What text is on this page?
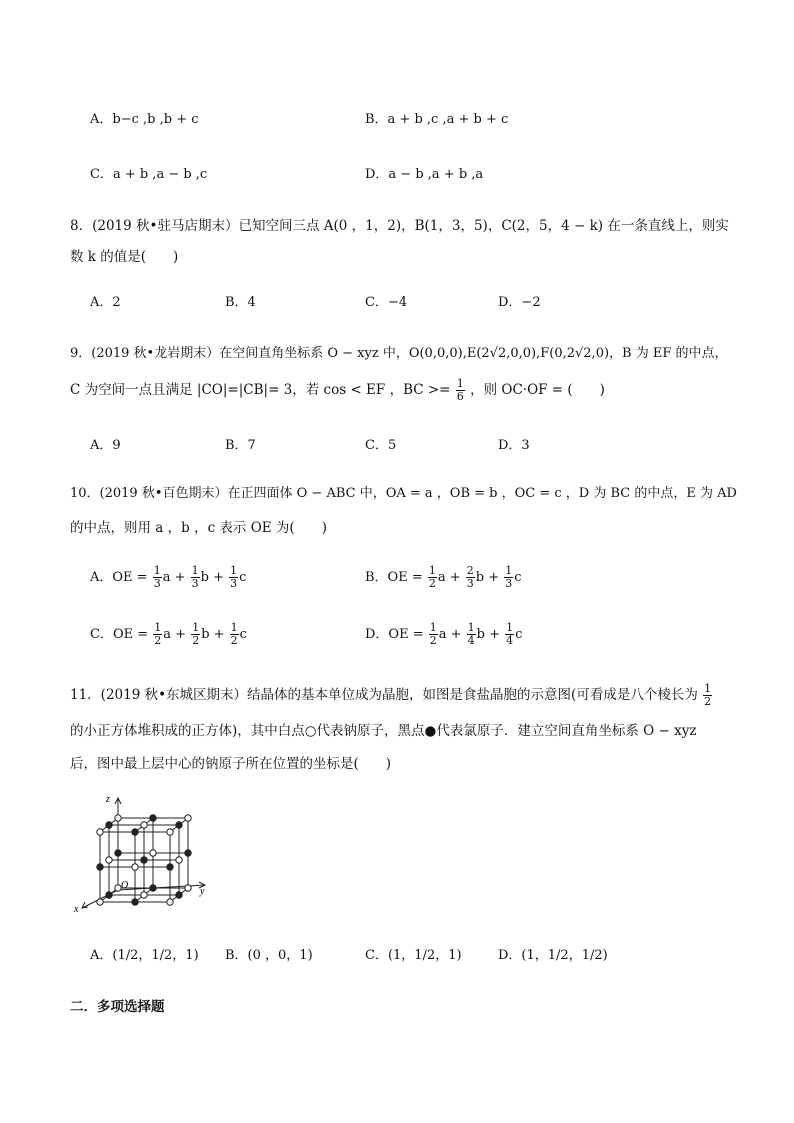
A．b−c ,b ,b + c	B．a + b ,c ,a + b + c
C．a + b ,a − b ,c	D．a − b ,a + b ,a
8．(2019 秋•驻马店期末）已知空间三点 A(0 ，1，2)，B(1，3，5)，C(2，5，4 − k) 在一条直线上，则实
数 k 的值是(　　)
A．2	B．4	C．−4	D．−2
9．(2019 秋•龙岩期末）在空间直角坐标系 O − xyz 中，O(0,0,0),E(2√2,0,0),F(0,2√2,0)，B 为 EF 的中点，
C 为空间一点且满足 |CO|=|CB|= 3，若 cos < EF ，BC >= $\frac{1}{6}$ ，则 OC·OF = (　　)
A．9	B．7	C．5	D．3
10．(2019 秋•百色期末）在正四面体 O − ABC 中，OA = a ，OB = b ，OC = c ，D 为 BC 的中点，E 为 AD
的中点，则用 a ，b ，c 表示 OE 为(　　)
A．OE = $\frac{1}{3}$ $a + \frac{1}{3}$ $b + \frac{1}{3}$ c	B．OE = $\frac{1}{2}$ $a + \frac{2}{3}$ $b + \frac{1}{3}$ c
C．OE = $\frac{1}{2}$ $a + \frac{1}{2}$ $b + \frac{1}{2}$ c	D．OE = $\frac{1}{2}$ $a + \frac{1}{4}$ $b + \frac{1}{4}$ c
11．(2019 秋•东城区期末）结晶体的基本单位成为晶胞，如图是食盐晶胞的示意图(可看成是八个棱长为 $\frac{1}{2}$
的小正方体堆积成的正方体)，其中白点○代表钠原子，黑点●代表氯原子．建立空间直角坐标系 O − xyz
后，图中最上层中心的钠原子所在位置的坐标是(　　)
z
y
x
O
A．(1/2，1/2，1) B．(0 ，0，1)	C．(1，1/2，1)	D．(1，1/2，1/2)
二．多项选择题
